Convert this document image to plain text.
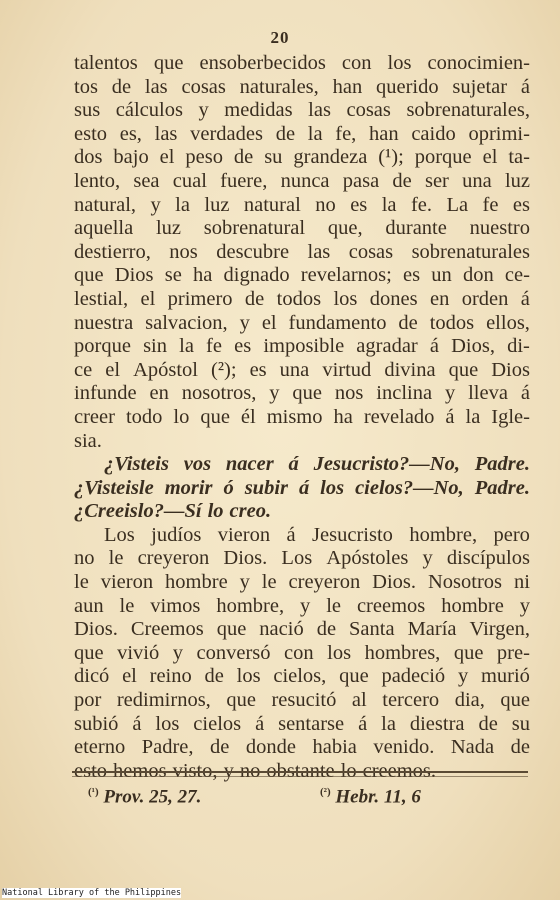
20
talentos que ensoberbecidos con los conocimien-
tos de las cosas naturales, han querido sujetar á
sus cálculos y medidas las cosas sobrenaturales,
esto es, las verdades de la fe, han caido oprimi-
dos bajo el peso de su grandeza (¹); porque el ta-
lento, sea cual fuere, nunca pasa de ser una luz
natural, y la luz natural no es la fe. La fe es
aquella luz sobrenatural que, durante nuestro
destierro, nos descubre las cosas sobrenaturales
que Dios se ha dignado revelarnos; es un don ce-
lestial, el primero de todos los dones en orden á
nuestra salvacion, y el fundamento de todos ellos,
porque sin la fe es imposible agradar á Dios, di-
ce el Apóstol (²); es una virtud divina que Dios
infunde en nosotros, y que nos inclina y lleva á
creer todo lo que él mismo ha revelado á la Igle-
sia.
¿Visteis vos nacer á Jesucristo?—No, Padre.
¿Visteisle morir ó subir á los cielos?—No, Padre.
¿Creeislo?—Sí lo creo.
Los judíos vieron á Jesucristo hombre, pero
no le creyeron Dios. Los Apóstoles y discípulos
le vieron hombre y le creyeron Dios. Nosotros ni
aun le vimos hombre, y le creemos hombre y
Dios. Creemos que nació de Santa María Virgen,
que vivió y conversó con los hombres, que pre-
dicó el reino de los cielos, que padeció y murió
por redimirnos, que resucitó al tercero dia, que
subió á los cielos á sentarse á la diestra de su
eterno Padre, de donde habia venido. Nada de
esto hemos visto, y no obstante lo creemos.
$^{(^1)}$ Prov. 25, 27.	$^{(^2)}$ Hebr. 11, 6
National Library of the Philippines
